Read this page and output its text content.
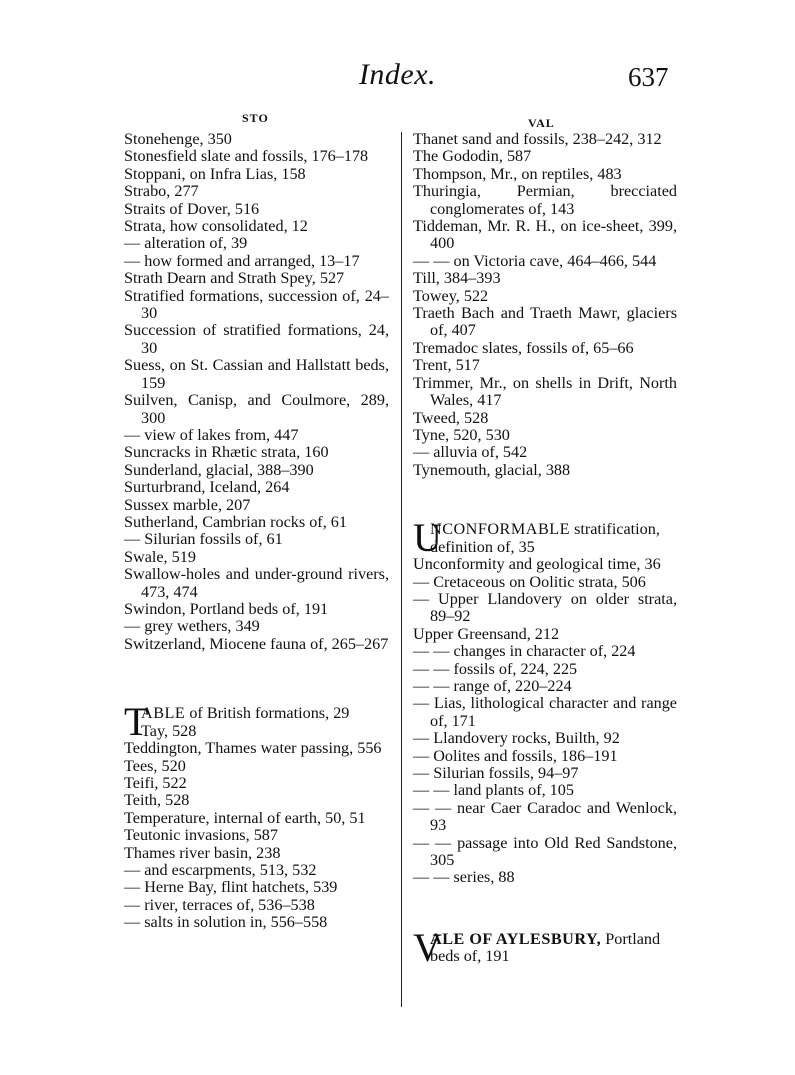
Index.	637
STO	VAL
Stonehenge, 350
Stonesfield slate and fossils, 176–178
Stoppani, on Infra Lias, 158
Strabo, 277
Straits of Dover, 516
Strata, how consolidated, 12
— alteration of, 39
— how formed and arranged, 13–17
Strath Dearn and Strath Spey, 527
Stratified formations, succession of, 24–30
Succession of stratified formations, 24, 30
Suess, on St. Cassian and Hallstatt beds, 159
Suilven, Canisp, and Coulmore, 289, 300
— view of lakes from, 447
Suncracks in Rhætic strata, 160
Sunderland, glacial, 388–390
Surturbrand, Iceland, 264
Sussex marble, 207
Sutherland, Cambrian rocks of, 61
— Silurian fossils of, 61
Swale, 519
Swallow-holes and under-ground rivers, 473, 474
Swindon, Portland beds of, 191
— grey wethers, 349
Switzerland, Miocene fauna of, 265–267
T
ABLE of British formations, 29
Tay, 528
Teddington, Thames water passing, 556
Tees, 520
Teifi, 522
Teith, 528
Temperature, internal of earth, 50, 51
Teutonic invasions, 587
Thames river basin, 238
— and escarpments, 513, 532
— Herne Bay, flint hatchets, 539
— river, terraces of, 536–538
— salts in solution in, 556–558
Thanet sand and fossils, 238–242, 312
The Gododin, 587
Thompson, Mr., on reptiles, 483
Thuringia, Permian, brecciated conglomerates of, 143
Tiddeman, Mr. R. H., on ice-sheet, 399, 400
— — on Victoria cave, 464–466, 544
Till, 384–393
Towey, 522
Traeth Bach and Traeth Mawr, glaciers of, 407
Tremadoc slates, fossils of, 65–66
Trent, 517
Trimmer, Mr., on shells in Drift, North Wales, 417
Tweed, 528
Tyne, 520, 530
— alluvia of, 542
Tynemouth, glacial, 388
U
NCONFORMABLE stratification, definition of, 35
Unconformity and geological time, 36
— Cretaceous on Oolitic strata, 506
— Upper Llandovery on older strata, 89–92
Upper Greensand, 212
— — changes in character of, 224
— — fossils of, 224, 225
— — range of, 220–224
— Lias, lithological character and range of, 171
— Llandovery rocks, Builth, 92
— Oolites and fossils, 186–191
— Silurian fossils, 94–97
— — land plants of, 105
— — near Caer Caradoc and Wenlock, 93
— — passage into Old Red Sandstone, 305
— — series, 88
V
ALE OF AYLESBURY, Portland beds of, 191
